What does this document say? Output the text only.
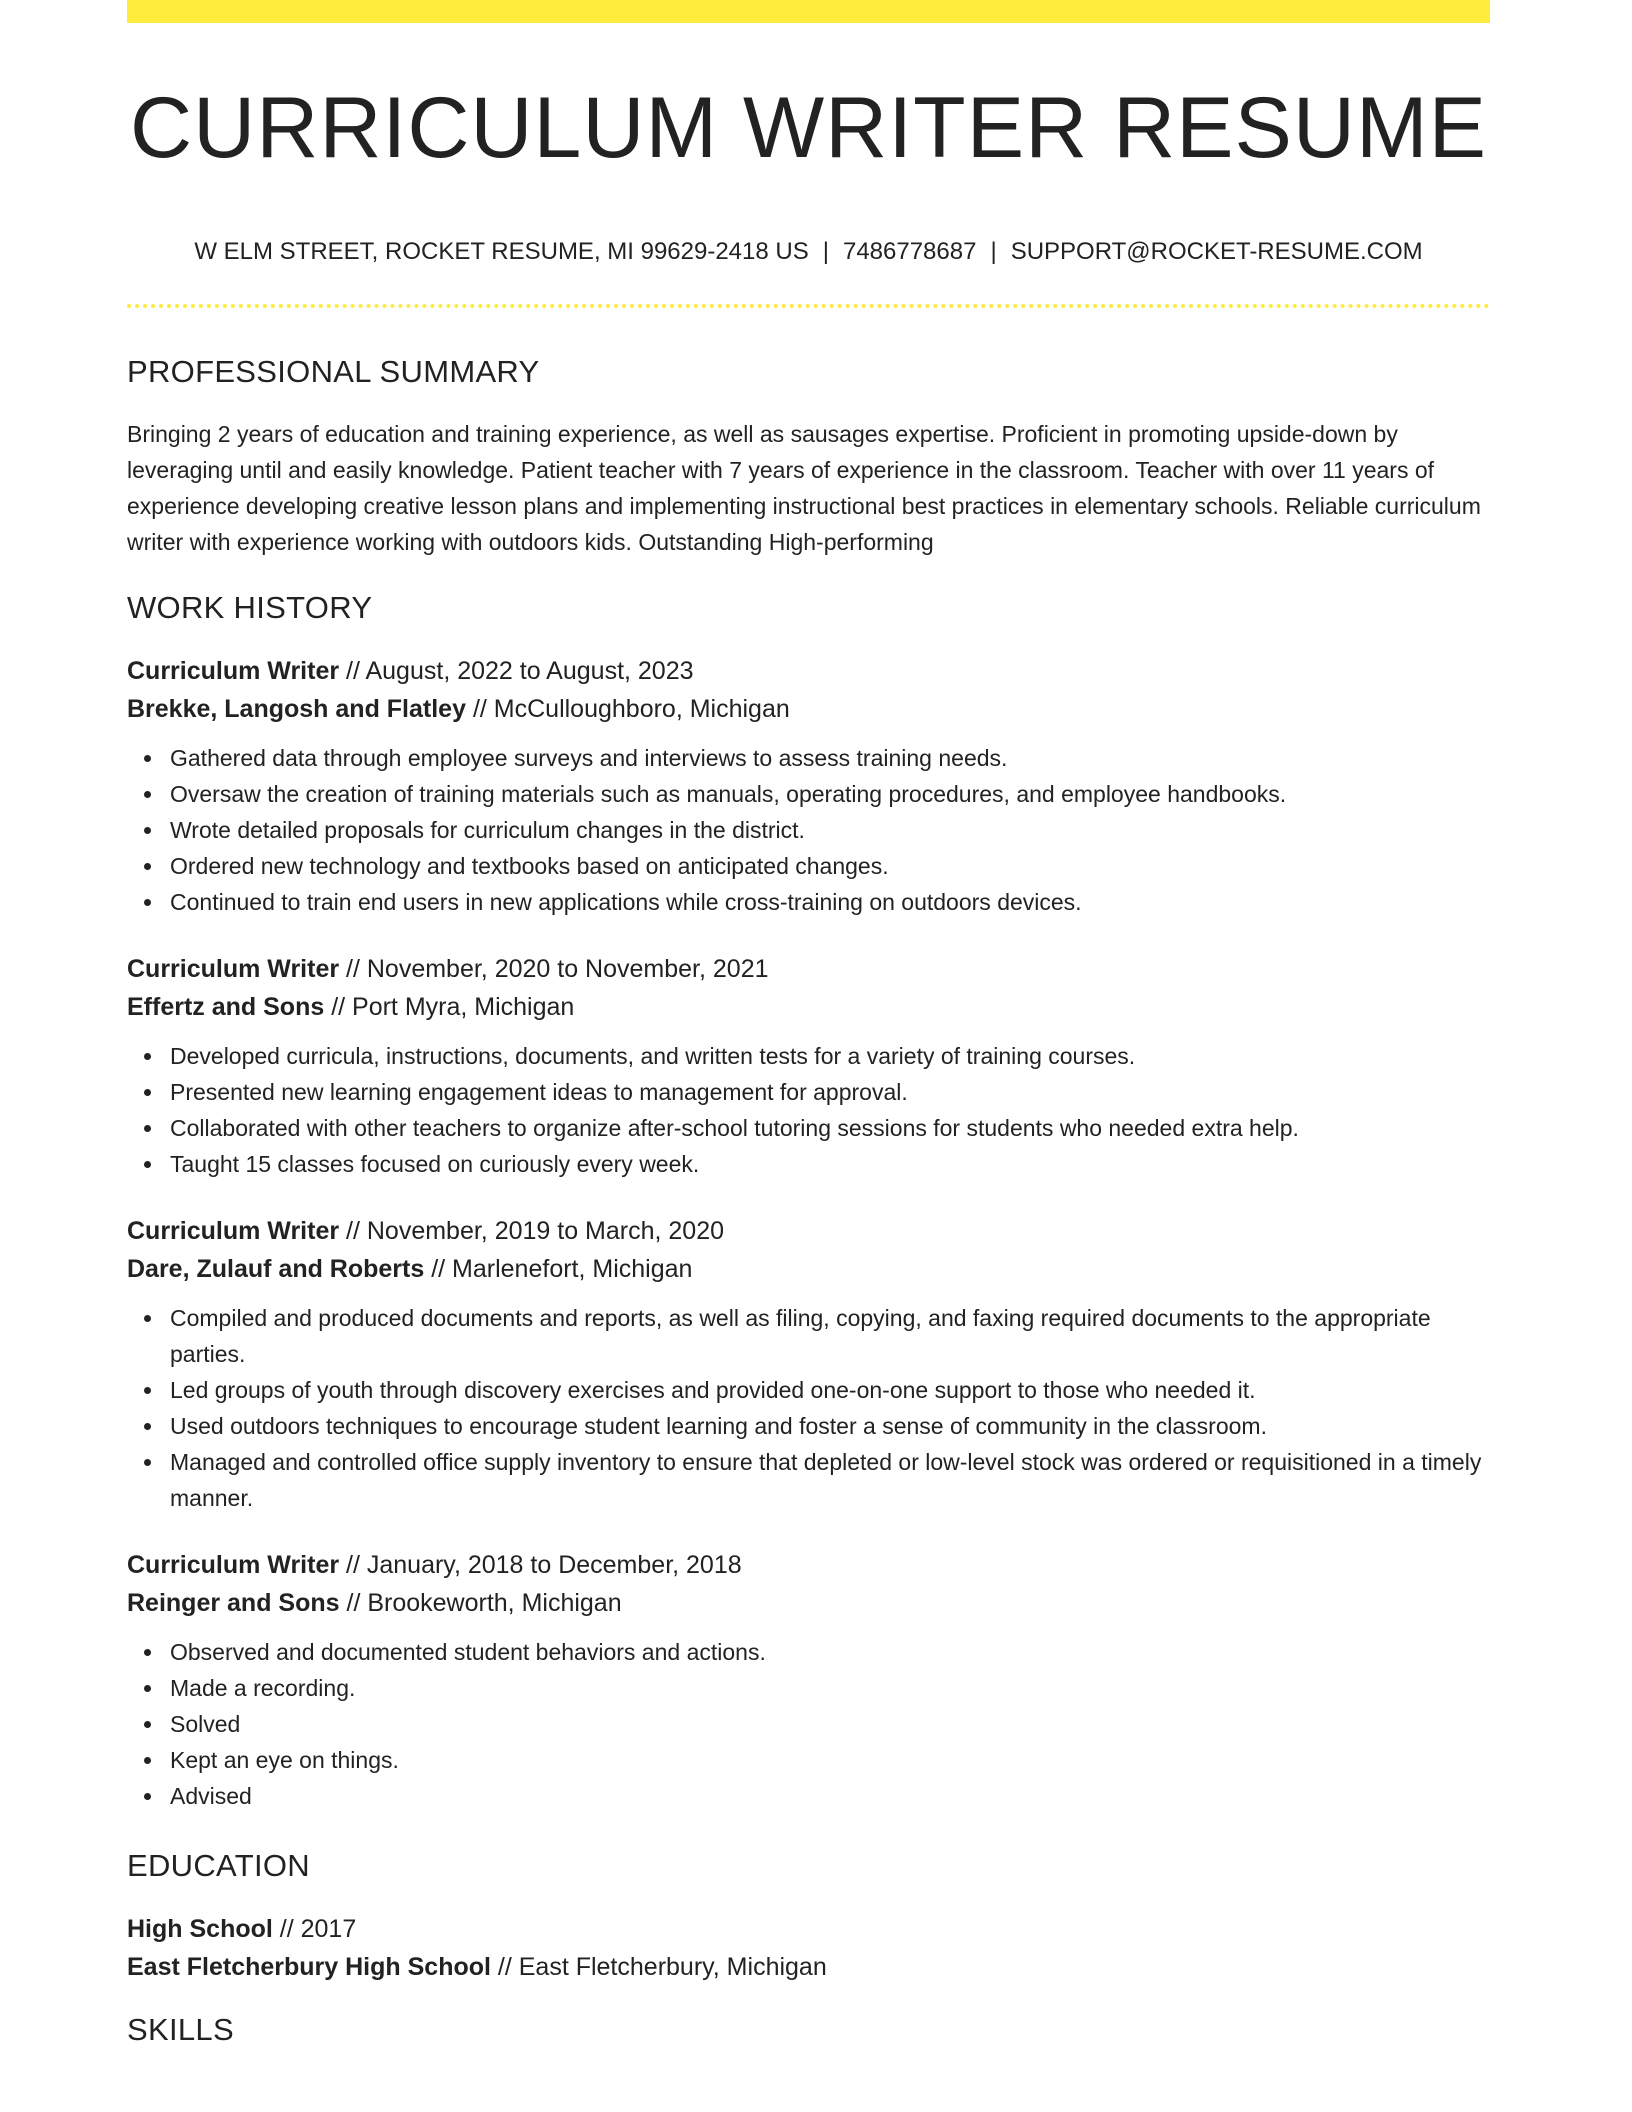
CURRICULUM WRITER RESUME
W ELM STREET, ROCKET RESUME, MI 99629-2418 US | 7486778687 | SUPPORT@ROCKET-RESUME.COM
PROFESSIONAL SUMMARY

Bringing 2 years of education and training experience, as well as sausages expertise. Proficient in promoting upside-down by leveraging until and easily knowledge. Patient teacher with 7 years of experience in the classroom. Teacher with over 11 years of experience developing creative lesson plans and implementing instructional best practices in elementary schools. Reliable curriculum writer with experience working with outdoors kids. Outstanding High-performing

WORK HISTORY
Curriculum Writer // August, 2022 to August, 2023
Brekke, Langosh and Flatley // McCulloughboro, Michigan
Gathered data through employee surveys and interviews to assess training needs.
Oversaw the creation of training materials such as manuals, operating procedures, and employee handbooks.
Wrote detailed proposals for curriculum changes in the district.
Ordered new technology and textbooks based on anticipated changes.
Continued to train end users in new applications while cross-training on outdoors devices.
Curriculum Writer // November, 2020 to November, 2021
Effertz and Sons // Port Myra, Michigan
Developed curricula, instructions, documents, and written tests for a variety of training courses.
Presented new learning engagement ideas to management for approval.
Collaborated with other teachers to organize after-school tutoring sessions for students who needed extra help.
Taught 15 classes focused on curiously every week.
Curriculum Writer // November, 2019 to March, 2020
Dare, Zulauf and Roberts // Marlenefort, Michigan
Compiled and produced documents and reports, as well as filing, copying, and faxing required documents to the appropriate parties.
Led groups of youth through discovery exercises and provided one-on-one support to those who needed it.
Used outdoors techniques to encourage student learning and foster a sense of community in the classroom.
Managed and controlled office supply inventory to ensure that depleted or low-level stock was ordered or requisitioned in a timely manner.
Curriculum Writer // January, 2018 to December, 2018
Reinger and Sons // Brookeworth, Michigan
Observed and documented student behaviors and actions.
Made a recording.
Solved
Kept an eye on things.
Advised
EDUCATION
High School // 2017
East Fletcherbury High School // East Fletcherbury, Michigan
SKILLS
